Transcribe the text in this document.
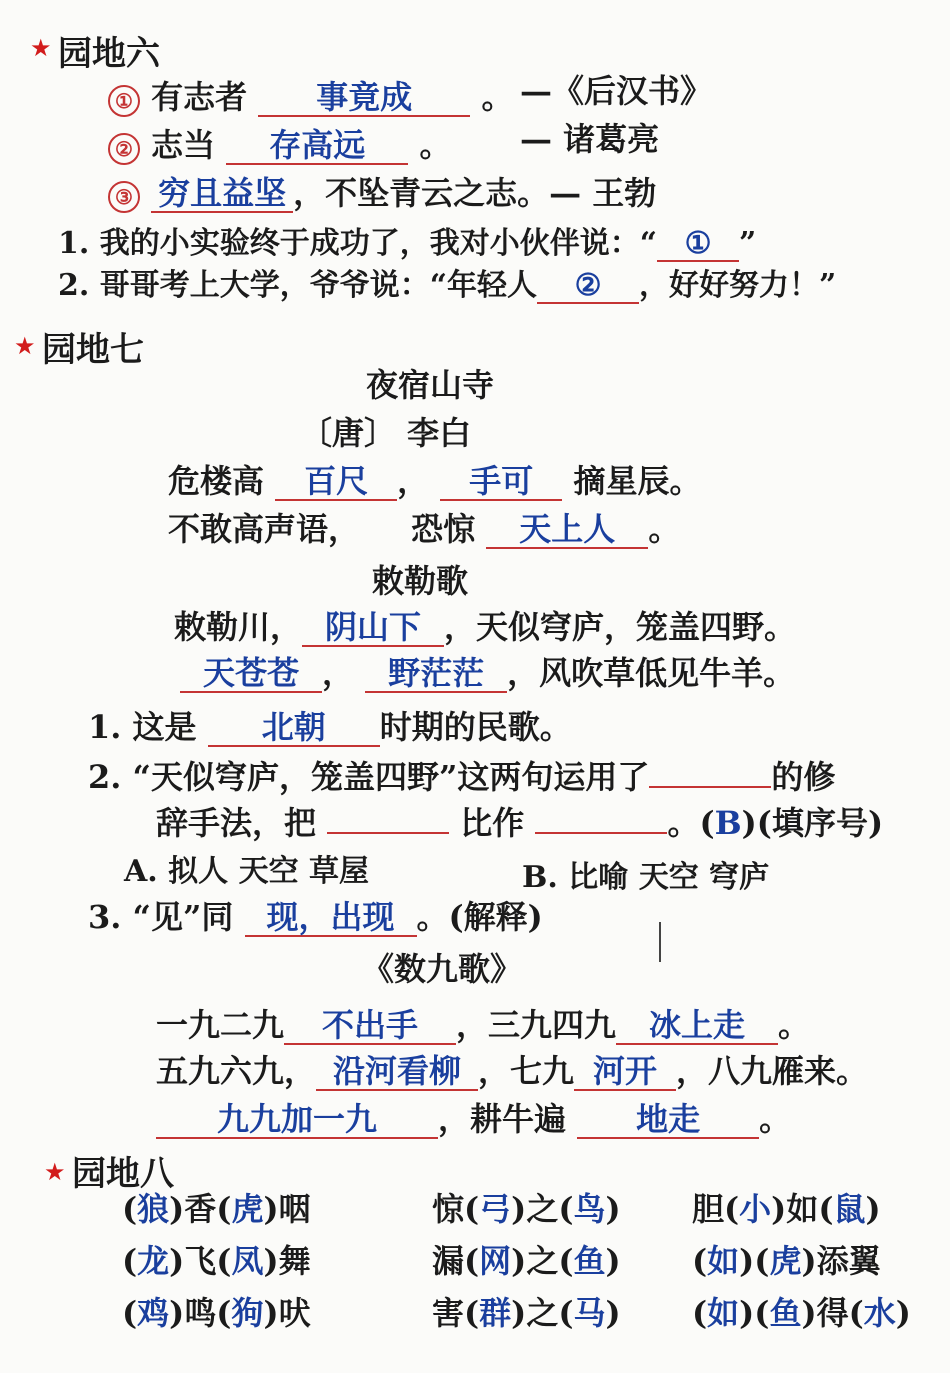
★ 园地六
① 有志者 事竟成 。 —《后汉书》
② 志当 存高远 。 — 诸葛亮
③ 穷且益坚 ，不坠青云之志。— 王勃
1. 我的小实验终于成功了，我对小伙伴说：“ ① ”
2. 哥哥考上大学，爷爷说：“年轻人 ② ，好好努力！”
★ 园地七
夜宿山寺
〔唐〕 李白
危楼高 百尺 ， 手可 摘星辰。
不敢高声语， 恐惊 天上人 。
敕勒歌
敕勒川， 阴山下 ，天似穹庐，笼盖四野。
天苍苍 ， 野茫茫 ，风吹草低见牛羊。
1. 这是 北朝 时期的民歌。
2. “天似穹庐，笼盖四野”这两句运用了	的修
辞手法，把	比作	。(B)(填序号)
A. 拟人 天空 草屋	B. 比喻 天空 穹庐
3. “见”同 现，出现 。(解释)
《数九歌》
一九二九 不出手 ，三九四九 冰上走 。
五九六九， 沿河看柳 ，七九 河开 ，八九雁来。
九九加一九 ，耕牛遍 地走 。
★ 园地八
(狼)香(虎)咽	惊(弓)之(鸟) 胆(小)如(鼠)
(龙)飞(凤)舞	漏(网)之(鱼) (如)(虎)添翼
(鸡)鸣(狗)吠	害(群)之(马) (如)(鱼)得(水)
